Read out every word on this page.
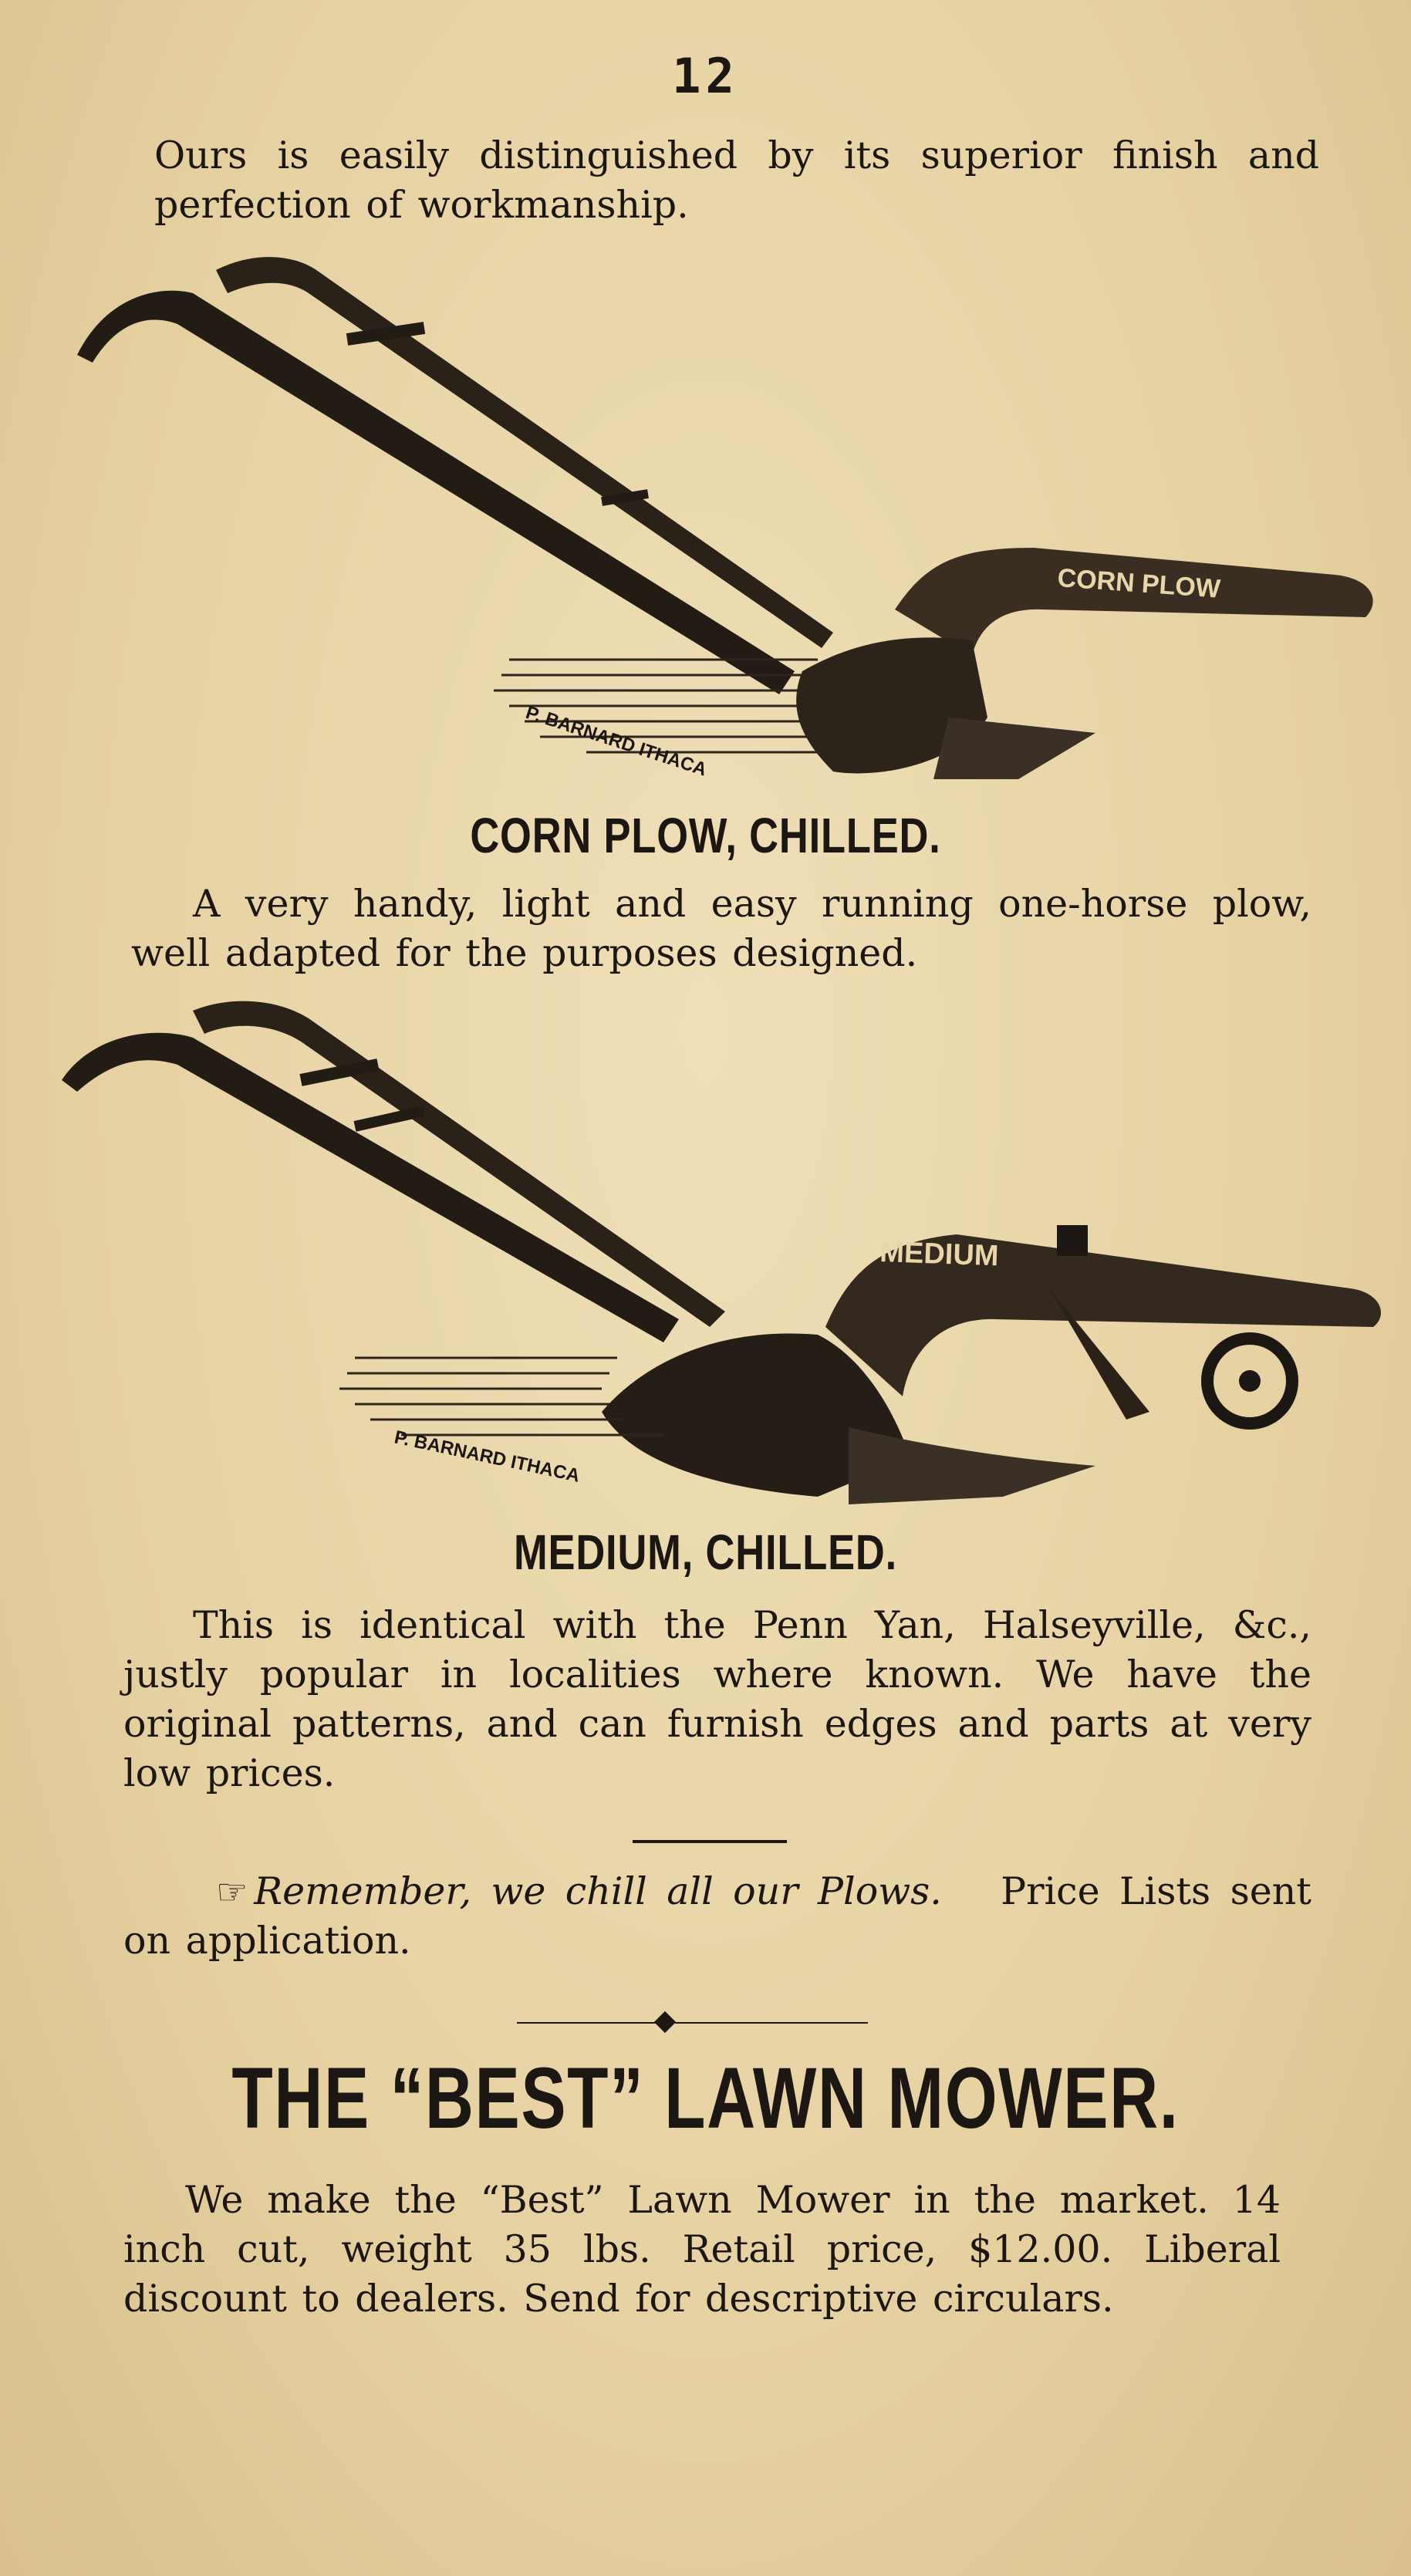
12
Ours is easily distinguished by its superior finish and perfection of workmanship.
CORN PLOW
P. BARNARD ITHACA
CORN PLOW, CHILLED.
A very handy, light and easy running one-horse plow, well adapted for the purposes designed.
MEDIUM
P. BARNARD ITHACA
MEDIUM, CHILLED.
This is identical with the Penn Yan, Halseyville, &c., justly popular in localities where known. We have the original patterns, and can furnish edges and parts at very low prices.
☞ Remember, we chill all our Plows. Price Lists sent on application.
THE “BEST” LAWN MOWER.
We make the “Best” Lawn Mower in the market. 14 inch cut, weight 35 lbs. Retail price, $12.00. Liberal discount to dealers. Send for descriptive circulars.
